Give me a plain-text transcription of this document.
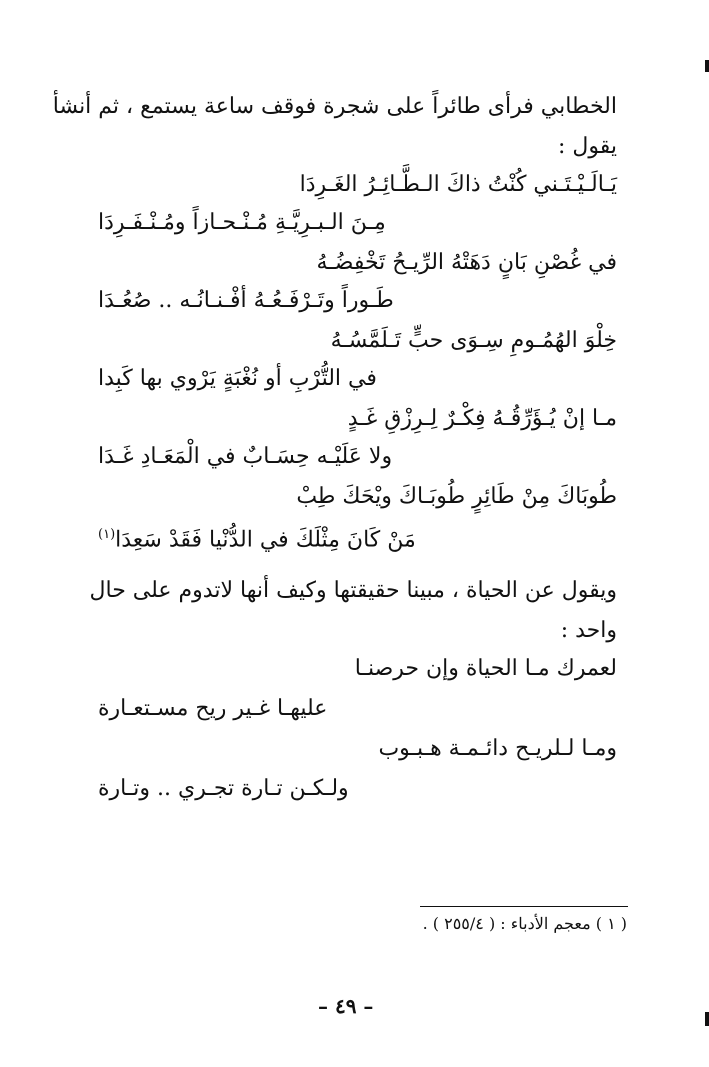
الخطابي فرأى طائراً على شجرة فوقف ساعة يستمع ، ثم أنشأ
يقول :
يَـالَـيْـتَـني كُنْتُ ذاكَ الـطَّـائِـرُ الغَـرِدَا
مِـنَ الـبـرِيَّـةِ مُـنْـحـازاً ومُـنْـفَـرِدَا
في غُصْنِ بَانٍ دَهَتْهُ الرِّيـحُ تَخْفِضُـهُ
طَـوراً وتَـرْفَـعُـهُ أفْـنـانُـه .. صُعُـدَا
خِلْوَ الهُمُـومِ سِـوَى حبٍّ تَـلَمَّسُـهُ
في التُّرْبِ أو نُغْبَةٍ يَرْوي بها كَبِدا
مـا إنْ يُـؤَرِّقُـهُ فِكْـرٌ لِـرِزْقِ غَـدٍ
ولا عَلَيْـه حِسَـابٌ في الْمَعَـادِ غَـدَا
طُوبَاكَ مِنْ طَائِرٍ طُوبَـاكَ ويْحَكَ طِبْ
مَنْ كَانَ مِثْلَكَ في الدُّنْيا فَقَدْ سَعِدَا$^{(١)}$
ويقول عن الحياة ، مبينا حقيقتها وكيف أنها لاتدوم على حال
واحد :
لعمرك مـا الحياة وإن حرصنـا
عليهـا غـير ريح مسـتعـارة
ومـا لـلريـح دائـمـة هـبـوب
ولـكـن تـارة تجـري .. وتـارة
( ١ ) معجم الأدباء : ( ٢٥٥/٤ ) .
– ٤٩ –
